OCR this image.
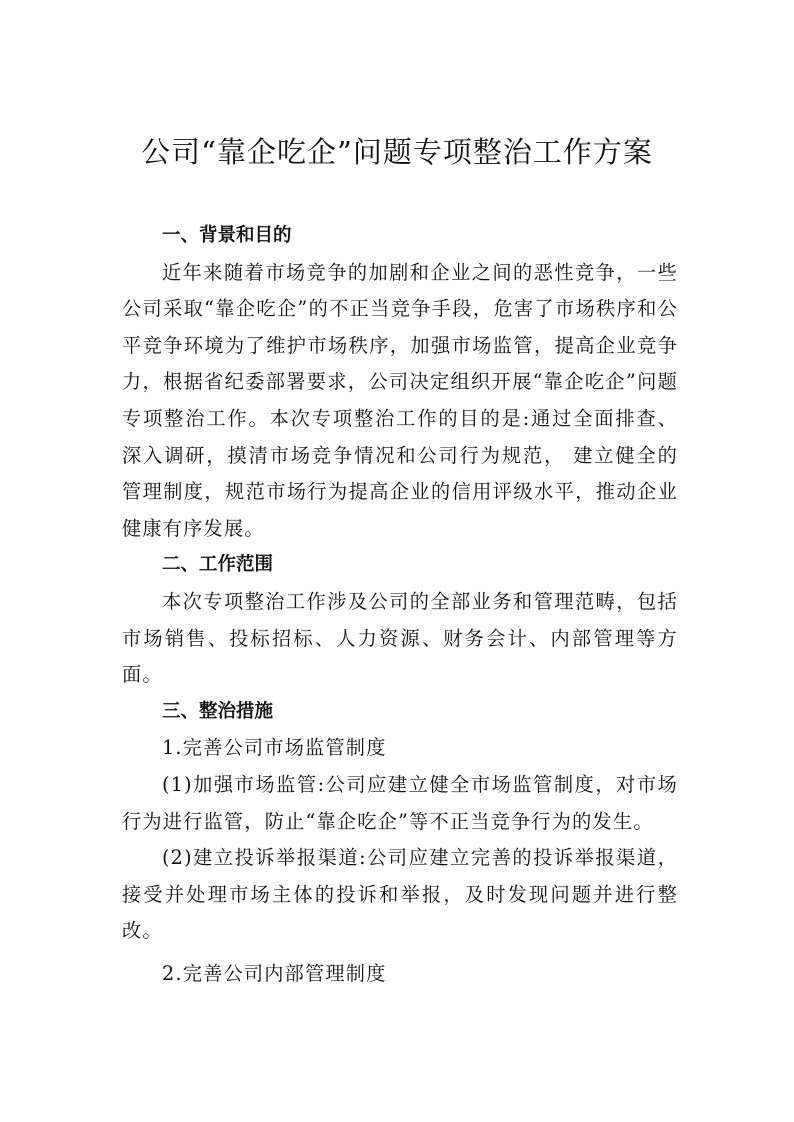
公司“靠企吃企”问题专项整治工作方案

一、背景和目的

近年来随着市场竞争的加剧和企业之间的恶性竞争，一些公司采取“靠企吃企”的不正当竞争手段，危害了市场秩序和公平竞争环境为了维护市场秩序，加强市场监管，提高企业竞争力，根据省纪委部署要求，公司决定组织开展“靠企吃企”问题专项整治工作。本次专项整治工作的目的是:通过全面排查、深入调研，摸清市场竞争情况和公司行为规范， 建立健全的管理制度，规范市场行为提高企业的信用评级水平，推动企业健康有序发展。

二、工作范围

本次专项整治工作涉及公司的全部业务和管理范畴，包括市场销售、投标招标、人力资源、财务会计、内部管理等方面。

三、整治措施

1.完善公司市场监管制度

(1)加强市场监管:公司应建立健全市场监管制度，对市场行为进行监管，防止“靠企吃企”等不正当竞争行为的发生。

(2)建立投诉举报渠道:公司应建立完善的投诉举报渠道，接受并处理市场主体的投诉和举报，及时发现问题并进行整改。

2.完善公司内部管理制度
